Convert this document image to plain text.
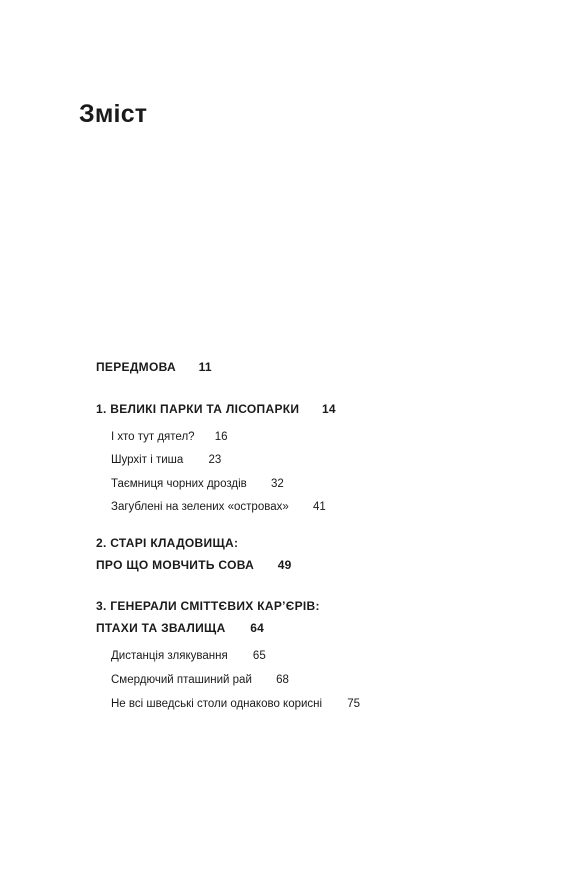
Зміст
ПЕРЕДМОВА 11
1. ВЕЛИКІ ПАРКИ ТА ЛІСОПАРКИ 14
І хто тут дятел? 16
Шурхіт і тиша 23
Таємниця чорних дроздів 32
Загублені на зелених «островах» 41
2. СТАРІ КЛАДОВИЩА:
ПРО ЩО МОВЧИТЬ СОВА 49
3. ГЕНЕРАЛИ СМІТТЄВИХ КАР’ЄРІВ:
ПТАХИ ТА ЗВАЛИЩА 64
Дистанція злякування 65
Смердючий пташиний рай 68
Не всі шведські столи однаково корисні 75
